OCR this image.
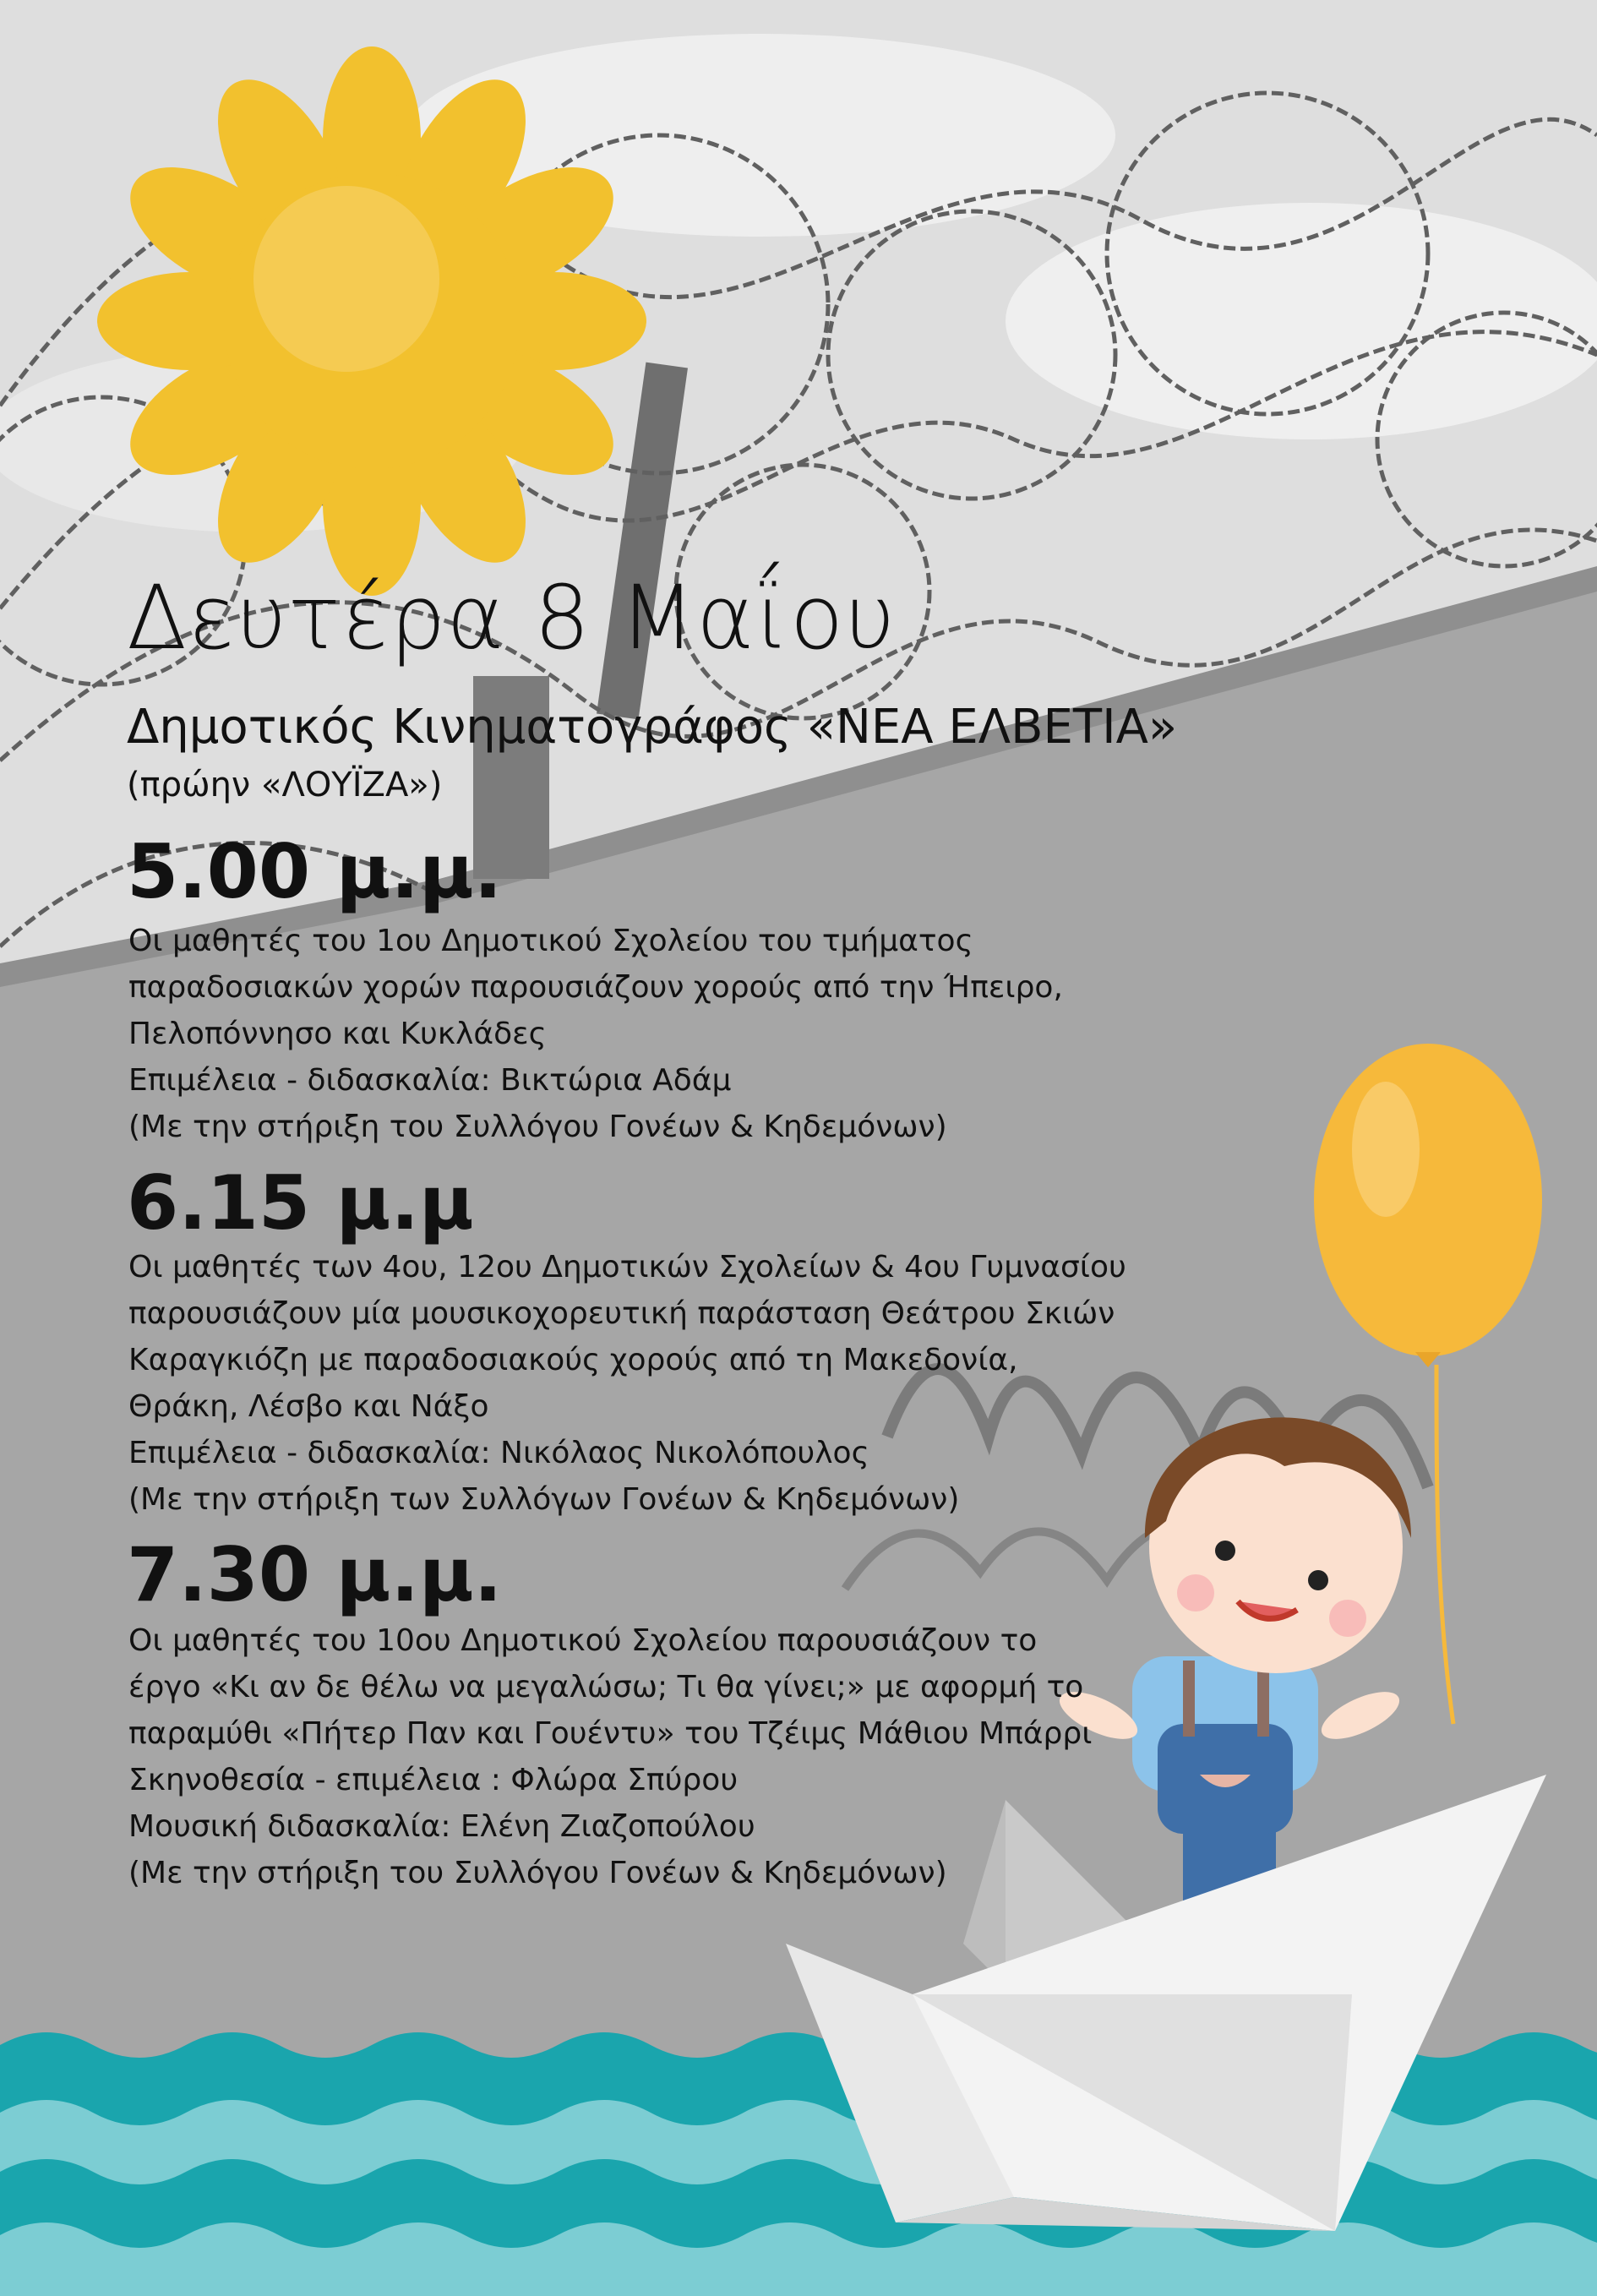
Δευτέρα 8 Μαΐου
Δημοτικός Κινηματογράφος «ΝΕΑ ΕΛΒΕΤΙΑ»
(πρώην «ΛΟΥΪΖΑ»)
5.00 μ.μ.
Οι μαθητές του 1ου Δημοτικού Σχολείου του τμήματος
παραδοσιακών χορών παρουσιάζουν χορούς από την Ήπειρο,
Πελοπόννησο και Κυκλάδες
Επιμέλεια - διδασκαλία: Βικτώρια Αδάμ
(Με την στήριξη του Συλλόγου Γονέων & Κηδεμόνων)
6.15 μ.μ
Οι μαθητές των 4ου, 12ου Δημοτικών Σχολείων & 4ου Γυμνασίου
παρουσιάζουν μία μουσικοχορευτική παράσταση Θεάτρου Σκιών
Καραγκιόζη με παραδοσιακούς χορούς από τη Μακεδονία,
Θράκη, Λέσβο και Νάξο
Επιμέλεια - διδασκαλία: Νικόλαος Νικολόπουλος
(Με την στήριξη των Συλλόγων Γονέων & Κηδεμόνων)
7.30 μ.μ.
Οι μαθητές του 10ου Δημοτικού Σχολείου παρουσιάζουν το
έργο «Κι αν δε θέλω να μεγαλώσω; Τι θα γίνει;» με αφορμή το
παραμύθι «Πήτερ Παν και Γουέντυ» του Τζέιμς Μάθιου Μπάρρι
Σκηνοθεσία - επιμέλεια : Φλώρα Σπύρου
Μουσική διδασκαλία: Ελένη Ζιαζοπούλου
(Με την στήριξη του Συλλόγου Γονέων & Κηδεμόνων)
